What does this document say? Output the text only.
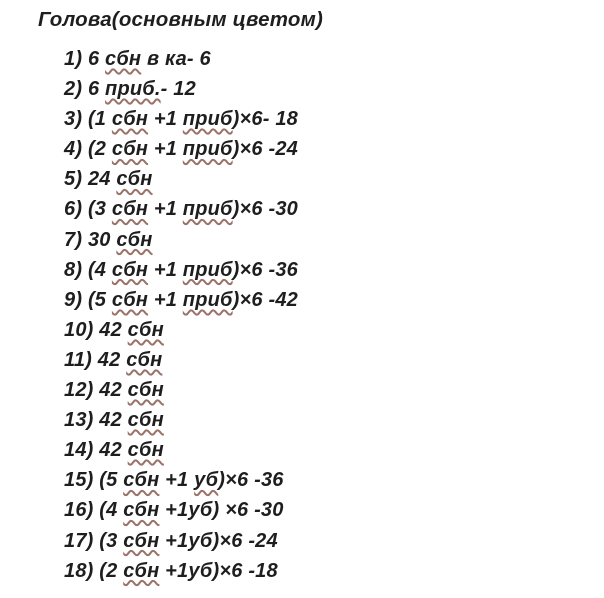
Голова(основным цветом)
1) 6 сбн в ка- 6
2) 6 приб.- 12
3) (1 сбн +1 приб)×6- 18
4) (2 сбн +1 приб)×6 -24
5) 24 сбн
6) (3 сбн +1 приб)×6 -30
7) 30 сбн
8) (4 сбн +1 приб)×6 -36
9) (5 сбн +1 приб)×6 -42
10) 42 сбн
11) 42 сбн
12) 42 сбн
13) 42 сбн
14) 42 сбн
15) (5 сбн +1 уб)×6 -36
16) (4 сбн +1уб) ×6 -30
17) (3 сбн +1уб)×6 -24
18) (2 сбн +1уб)×6 -18
